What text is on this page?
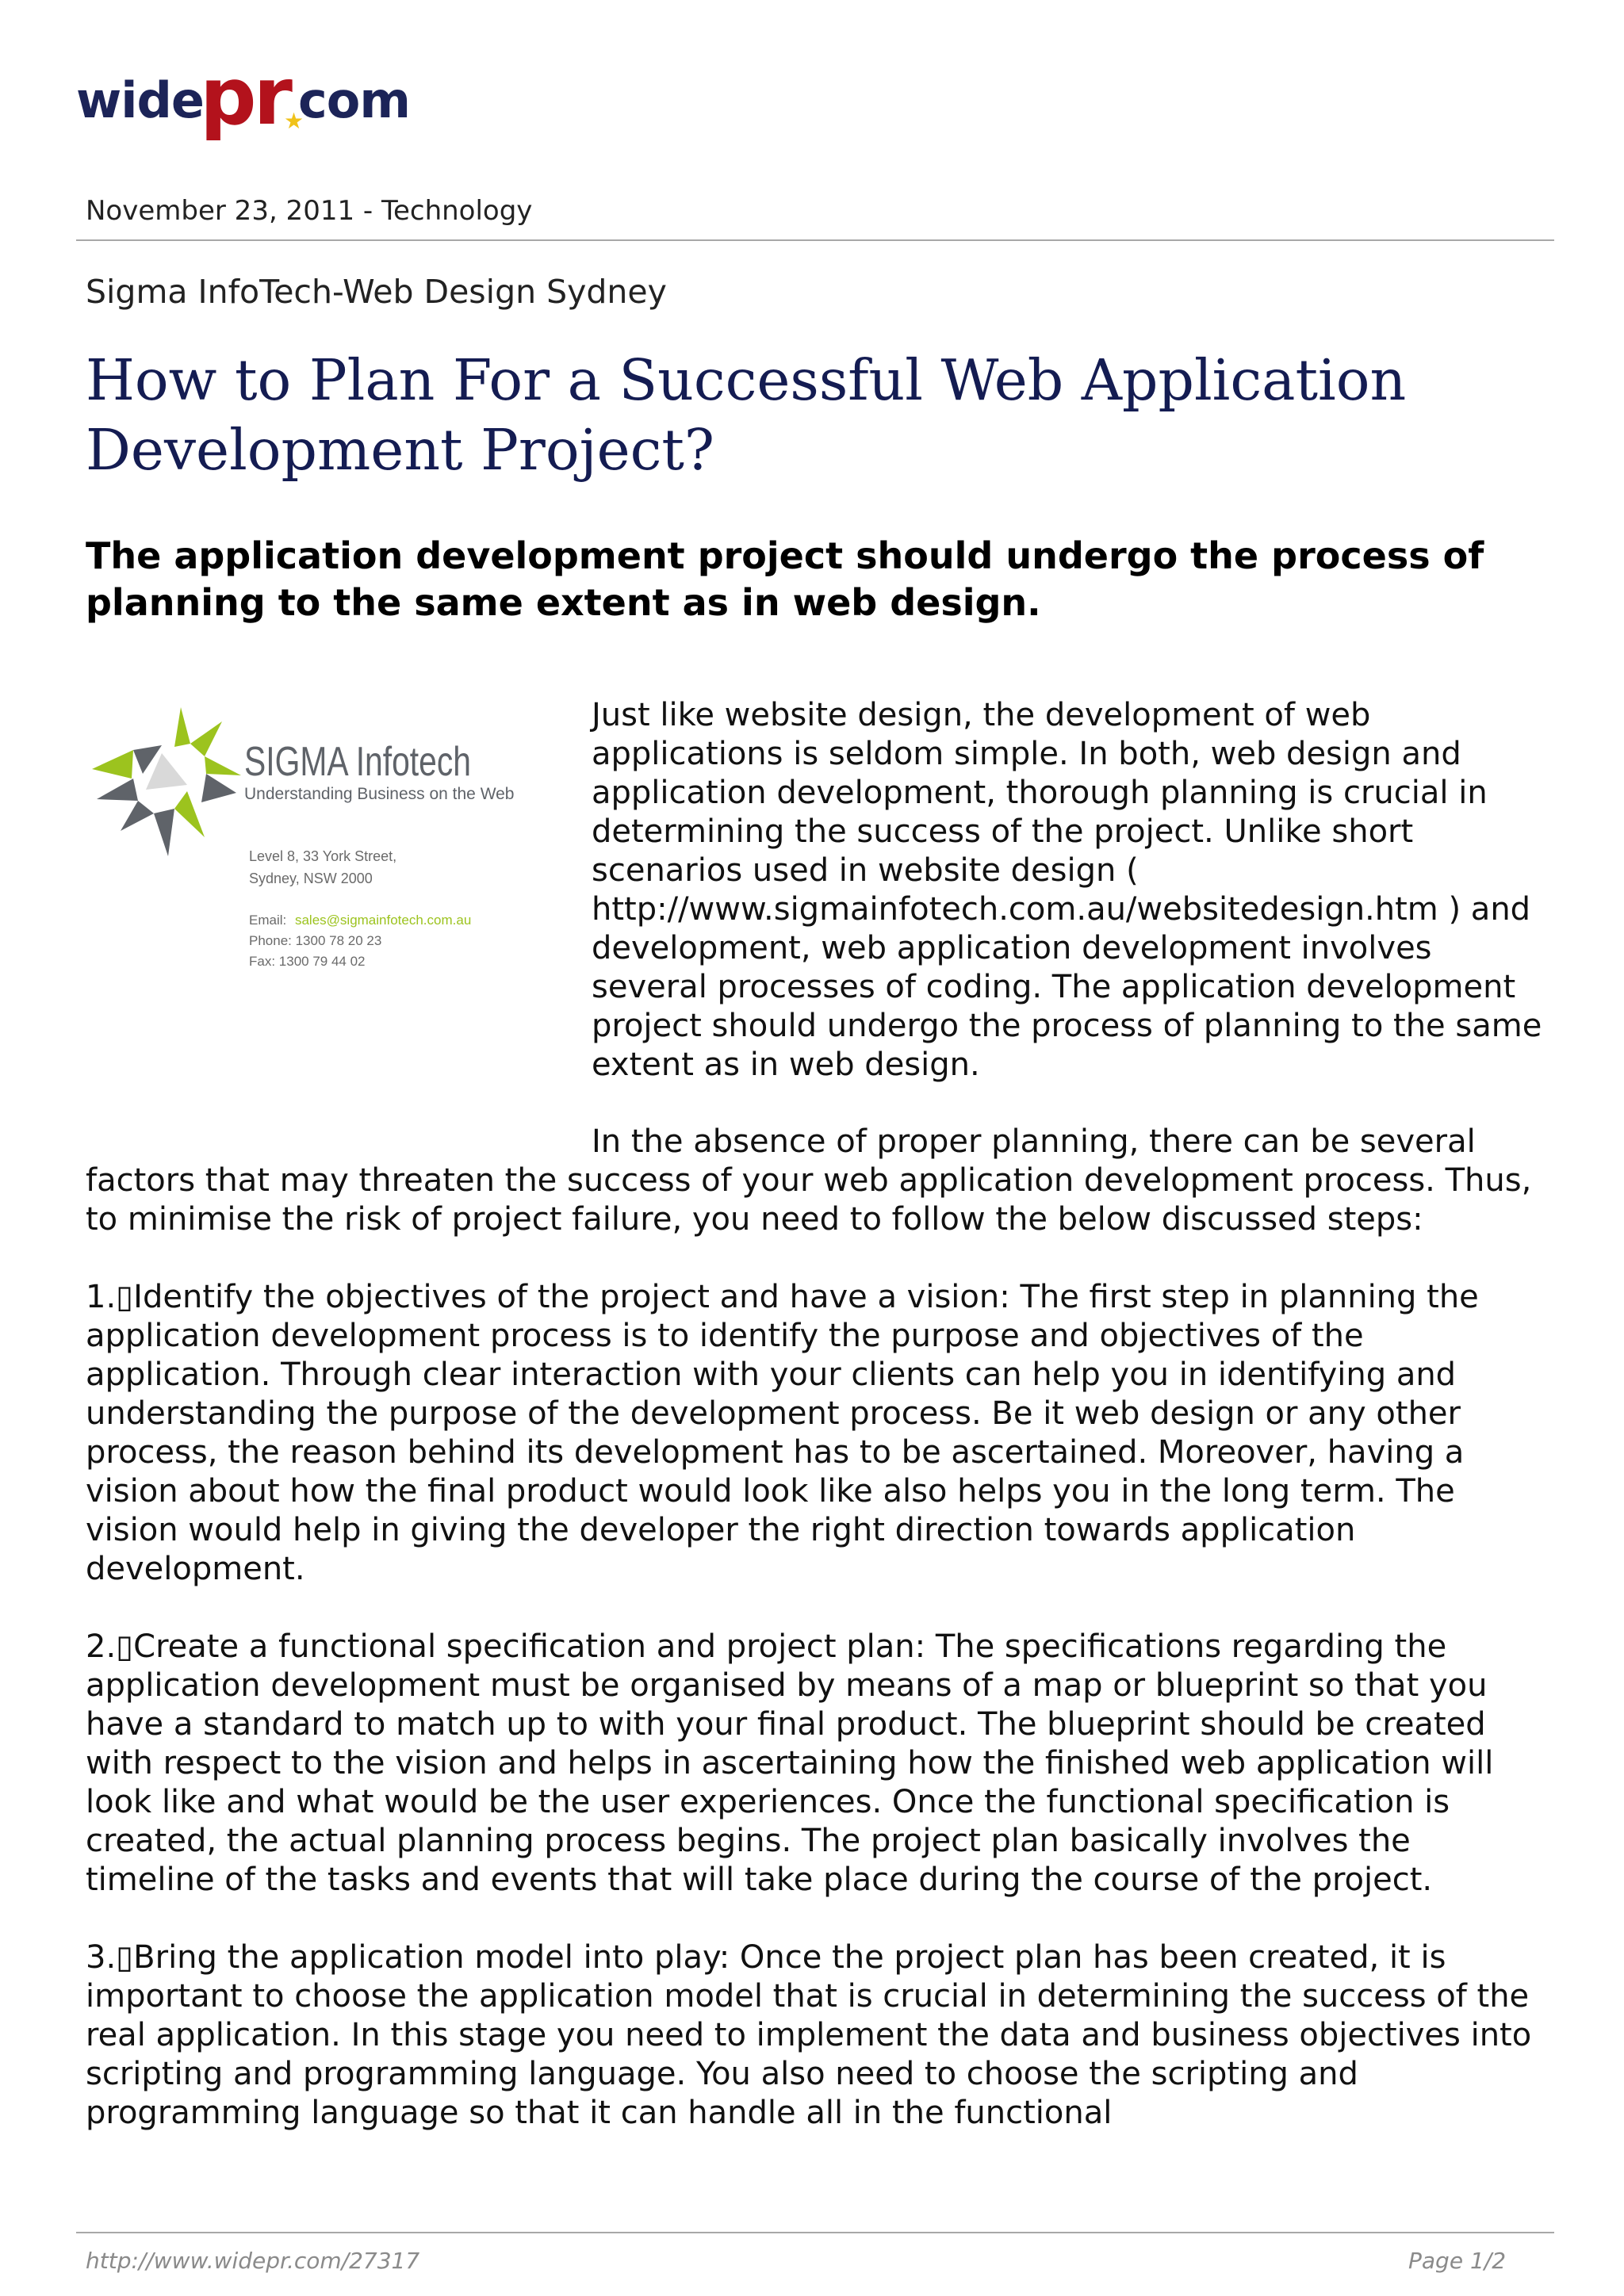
wide
pr
★
com
November 23, 2011 - Technology
Sigma InfoTech-Web Design Sydney
How to Plan For a Successful Web Application Development Project?
The application development project should undergo the process of planning to the same extent as in web design.
SIGMA Infotech
Understanding Business on the Web
Level 8, 33 York Street,
Sydney, NSW 2000
Email: sales@sigmainfotech.com.au
Phone: 1300 78 20 23
Fax: 1300 79 44 02

Just like website design, the development of web applications is seldom simple. In both, web design and application development, thorough planning is crucial in determining the success of the project. Unlike short scenarios used in website design ( http://www.sigmainfotech.com.au/websitedesign.htm ) and development, web application development involves several processes of coding. The application development project should undergo the process of planning to the same extent as in web design.

In the absence of proper planning, there can be several factors that may threaten the success of your web application development process. Thus, to minimise the risk of project failure, you need to follow the below discussed steps:

1.▯Identify the objectives of the project and have a vision: The first step in planning the application development process is to identify the purpose and objectives of the application. Through clear interaction with your clients can help you in identifying and understanding the purpose of the development process. Be it web design or any other process, the reason behind its development has to be ascertained. Moreover, having a vision about how the final product would look like also helps you in the long term. The vision would help in giving the developer the right direction towards application development.

2.▯Create a functional specification and project plan: The specifications regarding the application development must be organised by means of a map or blueprint so that you have a standard to match up to with your final product. The blueprint should be created with respect to the vision and helps in ascertaining how the finished web application will look like and what would be the user experiences. Once the functional specification is created, the actual planning process begins. The project plan basically involves the timeline of the tasks and events that will take place during the course of the project.

3.▯Bring the application model into play: Once the project plan has been created, it is important to choose the application model that is crucial in determining the success of the real application. In this stage you need to implement the data and business objectives into scripting and programming language. You also need to choose the scripting and programming language so that it can handle all in the functional

http://www.widepr.com/27317	Page 1/2
